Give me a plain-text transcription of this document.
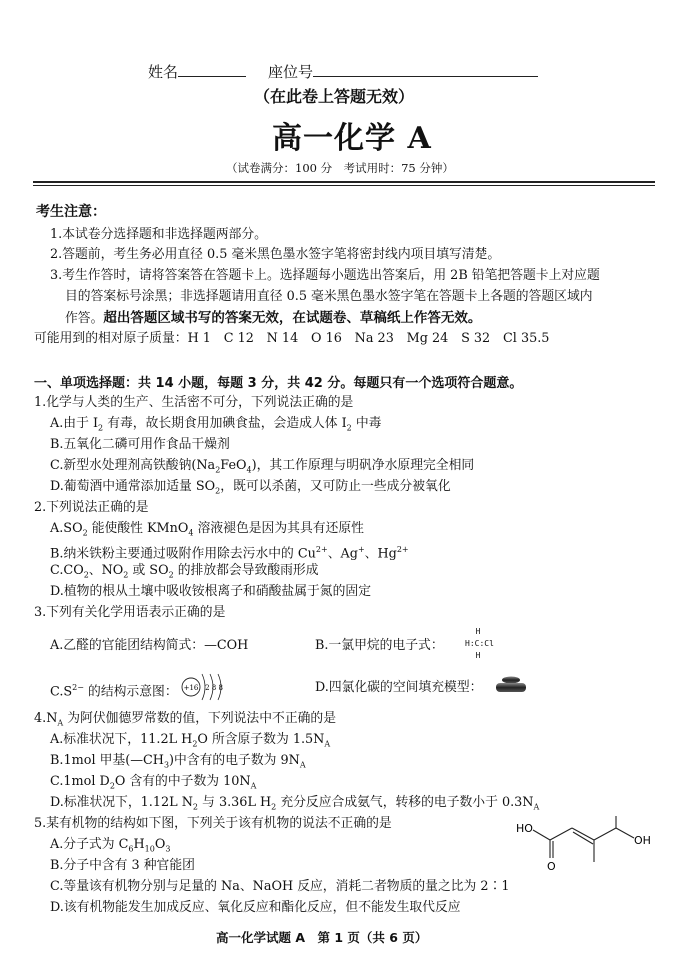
姓名	座位号
（在此卷上答题无效）
高一化学 A
（试卷满分：100 分　考试用时：75 分钟）
考生注意：
1.本试卷分选择题和非选择题两部分。
2.答题前，考生务必用直径 0.5 毫米黑色墨水签字笔将密封线内项目填写清楚。
3.考生作答时，请将答案答在答题卡上。选择题每小题选出答案后，用 2B 铅笔把答题卡上对应题
目的答案标号涂黑；非选择题请用直径 0.5 毫米黑色墨水签字笔在答题卡上各题的答题区域内
作答。超出答题区域书写的答案无效，在试题卷、草稿纸上作答无效。
可能用到的相对原子质量：H 1　C 12　N 14　O 16　Na 23　Mg 24　S 32　Cl 35.5
一、单项选择题：共 14 小题，每题 3 分，共 42 分。每题只有一个选项符合题意。
1.化学与人类的生产、生活密不可分，下列说法正确的是
A.由于 $I_2$ 有毒，故长期食用加碘食盐，会造成人体 $I_2$ 中毒
B.五氧化二磷可用作食品干燥剂
C.新型水处理剂高铁酸钠$(Na_2FeO_4)$，其工作原理与明矾净水原理完全相同
D.葡萄酒中通常添加适量 $SO_2$，既可以杀菌，又可防止一些成分被氧化
2.下列说法正确的是
$A.SO_2$ 能使酸性 KMnO$_4$ 溶液褪色是因为其具有还原性
B.纳米铁粉主要通过吸附作用除去污水中的 $Cu^{2+}$、Ag+、$Hg^{2+}$
$C.CO_2$、$NO_2$ 或 $SO_2$ 的排放都会导致酸雨形成
D.植物的根从土壤中吸收铵根离子和硝酸盐属于氮的固定
3.下列有关化学用语表示正确的是
A.乙醛的官能团结构简式：—COH	B.一氯甲烷的电子式：
H
H:C:Cl
H
$C.S^{2-}$ 的结构示意图： +16 2 8 8	D.四氯化碳的空间填充模型：
$4.N_A$ 为阿伏伽德罗常数的值，下列说法中不正确的是
A.标准状况下，11.2L $H_2O$ 所含原子数为 $1.5N_A$
B.1mol 甲基$(—CH_3)$中含有的电子数为 $9N_A$
C.1mol $D_2O$ 含有的中子数为 $10N_A$
D.标准状况下，1.12L $N_2$ 与 3.36L $H_2$ 充分反应合成氨气，转移的电子数小于 $0.3N_A$
5.某有机物的结构如下图，下列关于该有机物的说法不正确的是
A.分子式为 $C_6H_{10}O_3$
B.分子中含有 3 种官能团
C.等量该有机物分别与足量的 Na、NaOH 反应，消耗二者物质的量之比为 2∶1
D.该有机物能发生加成反应、氧化反应和酯化反应，但不能发生取代反应
HO
O
OH
高一化学试题 A　第 1 页（共 6 页）
